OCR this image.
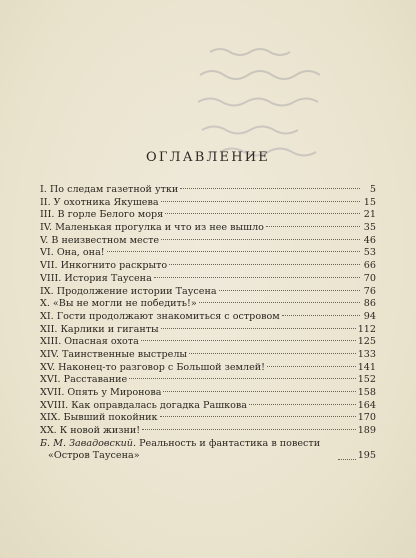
ОГЛАВЛЕНИЕ
I. По следам газетной утки	5
II. У охотника Якушева	15
III. В горле Белого моря	21
IV. Маленькая прогулка и что из нее вышло	35
V. В неизвестном месте	46
VI. Она, она!	53
VII. Инкогнито раскрыто	66
VIII. История Таусена	70
IX. Продолжение истории Таусена	76
X. «Вы не могли не победить!»	86
XI. Гости продолжают знакомиться с островом	94
XII. Карлики и гиганты	112
XIII. Опасная охота	125
XIV. Таинственные выстрелы	133
XV. Наконец-то разговор с Большой землей!	141
XVI. Расставание	152
XVII. Опять у Миронова	158
XVIII. Как оправдалась догадка Рашкова	164
XIX. Бывший покойник	170
XX. К новой жизни!	189
Б. М. Завадовский. Реальность и фантастика в повести «Остров Таусена»	195
